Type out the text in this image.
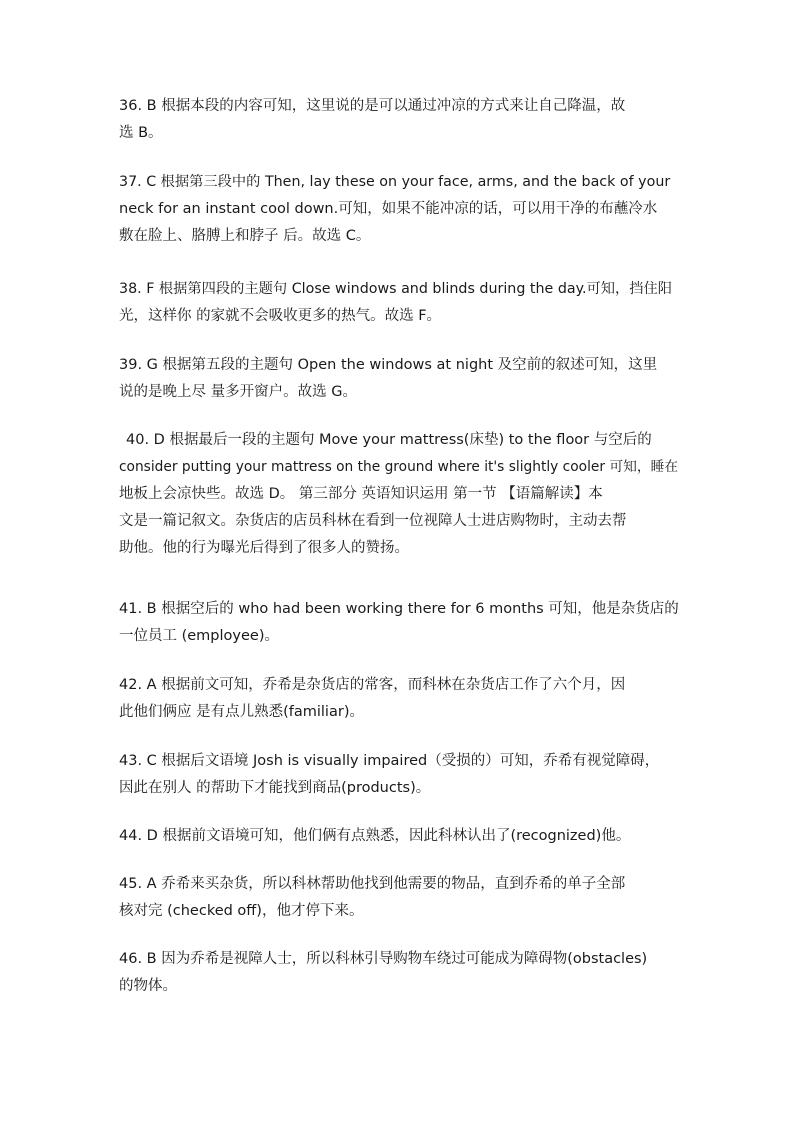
36. B 根据本段的内容可知，这里说的是可以通过冲凉的方式来让自己降温，故
选 B。

37. C 根据第三段中的 Then, lay these on your face, arms, and the back of your
neck for an instant cool down.可知，如果不能冲凉的话，可以用干净的布蘸冷水
敷在脸上、胳膊上和脖子 后。故选 C。

38. F 根据第四段的主题句 Close windows and blinds during the day.可知，挡住阳
光，这样你 的家就不会吸收更多的热气。故选 F。

39. G 根据第五段的主题句 Open the windows at night 及空前的叙述可知，这里
说的是晚上尽 量多开窗户。故选 G。

40. D 根据最后一段的主题句 Move your mattress(床垫) to the floor 与空后的
consider putting your mattress on the ground where it's slightly cooler 可知，睡在
地板上会凉快些。故选 D。 第三部分 英语知识运用 第一节 【语篇解读】本
文是一篇记叙文。杂货店的店员科林在看到一位视障人士进店购物时，主动去帮
助他。他的行为曝光后得到了很多人的赞扬。

41. B 根据空后的 who had been working there for 6 months 可知，他是杂货店的
一位员工 (employee)。

42. A 根据前文可知，乔希是杂货店的常客，而科林在杂货店工作了六个月，因
此他们俩应 是有点儿熟悉(familiar)。

43. C 根据后文语境 Josh is visually impaired（受损的）可知，乔希有视觉障碍，
因此在别人 的帮助下才能找到商品(products)。

44. D 根据前文语境可知，他们俩有点熟悉，因此科林认出了(recognized)他。

45. A 乔希来买杂货，所以科林帮助他找到他需要的物品，直到乔希的单子全部
核对完 (checked off)，他才停下来。

46. B 因为乔希是视障人士，所以科林引导购物车绕过可能成为障碍物(obstacles)
的物体。
